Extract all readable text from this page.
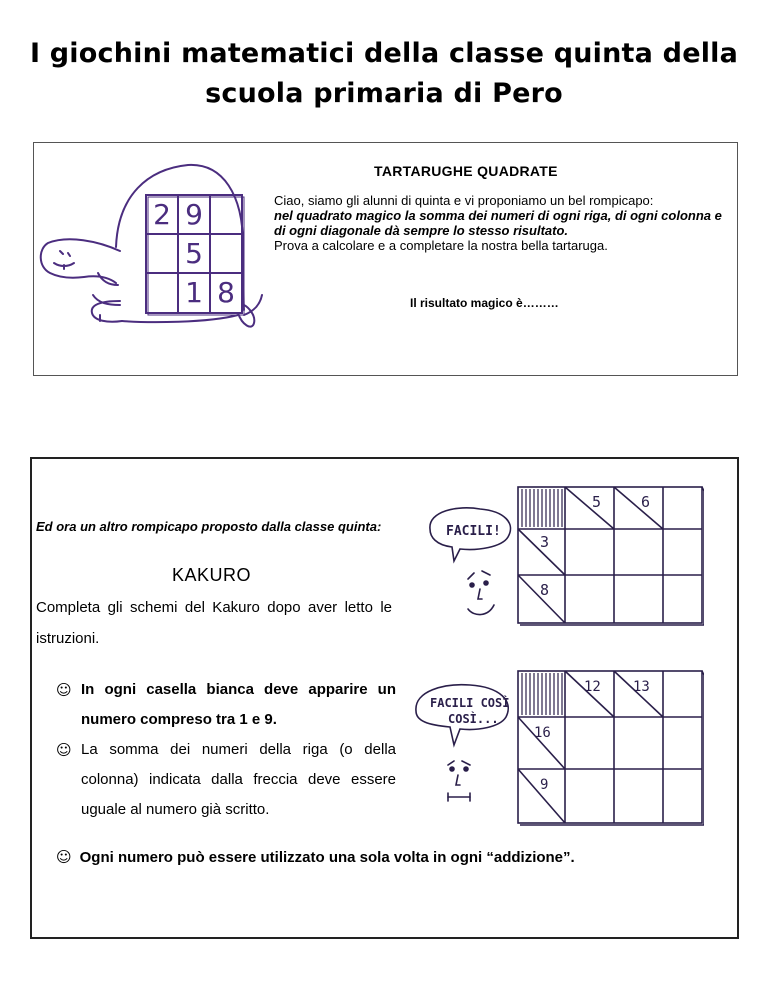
I giochini matematici della classe quinta della
scuola primaria di Pero
2 9
5
1 8
TARTARUGHE QUADRATE
Ciao, siamo gli alunni di quinta e vi proponiamo un bel rompicapo:
nel quadrato magico la somma dei numeri di ogni riga, di ogni colonna e di ogni diagonale dà sempre lo stesso risultato.
Prova a calcolare e a completare la nostra bella tartaruga.
Il risultato magico è………
Ed ora un altro rompicapo proposto dalla classe quinta:
KAKURO
Completa gli schemi del Kakuro dopo aver letto le istruzioni.
☺ In ogni casella bianca deve apparire un numero compreso tra 1 e 9.
☺ La somma dei numeri della riga (o della colonna) indicata dalla freccia deve essere uguale al numero già scritto.
☺ Ogni numero può essere utilizzato una sola volta in ogni “addizione”.
FACILI!
FACILI COSÌ
COSÌ...
5	6
3
8
12 13
16
9
